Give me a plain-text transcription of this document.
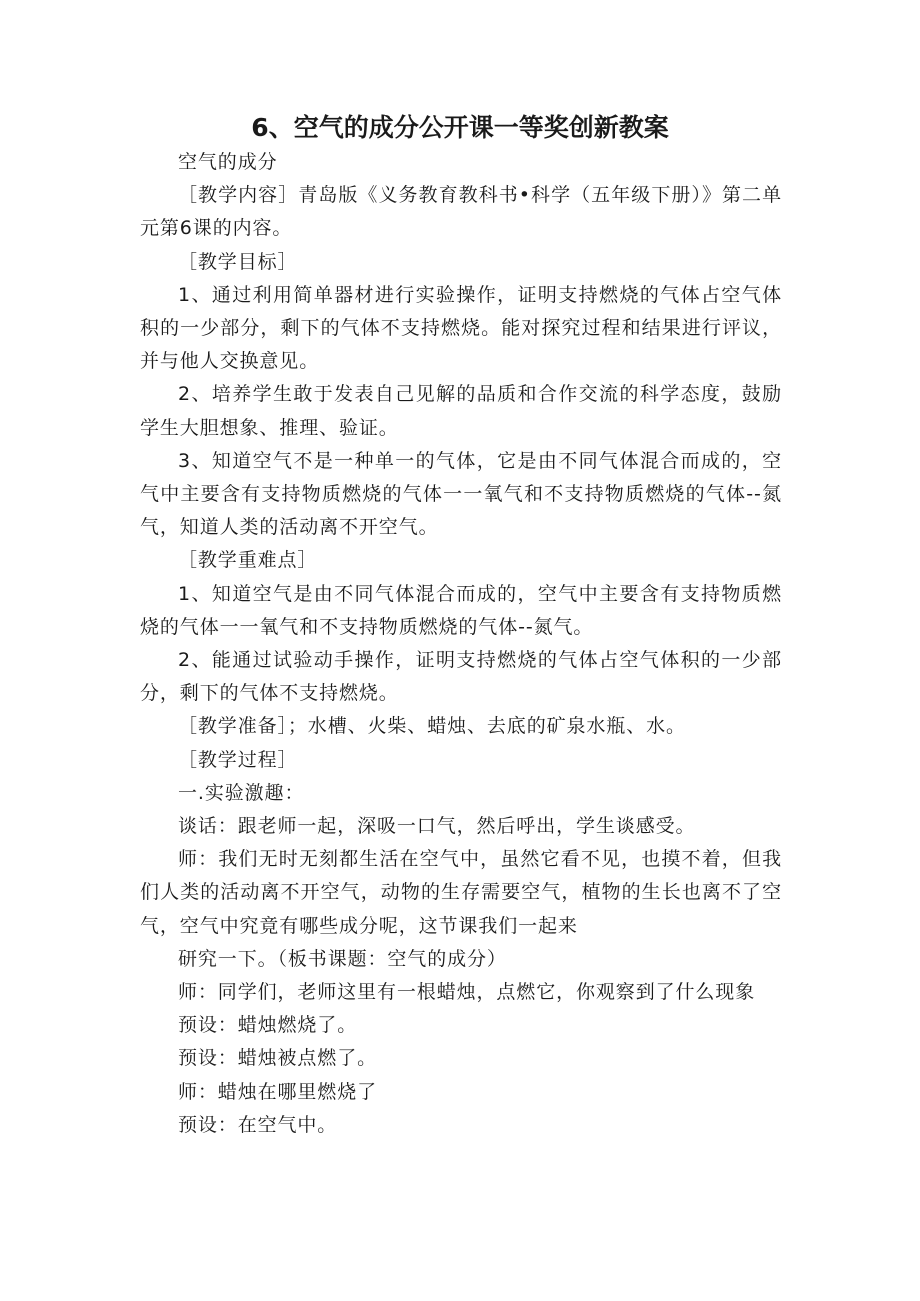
6、空气的成分公开课一等奖创新教案

空气的成分

［教学内容］青岛版《义务教育教科书•科学（五年级下册）》第二单元第6课的内容。

［教学目标］

1、通过利用简单器材进行实验操作，证明支持燃烧的气体占空气体积的一少部分，剩下的气体不支持燃烧。能对探究过程和结果进行评议，并与他人交换意见。

2、培养学生敢于发表自己见解的品质和合作交流的科学态度，鼓励学生大胆想象、推理、验证。

3、知道空气不是一种单一的气体，它是由不同气体混合而成的，空气中主要含有支持物质燃烧的气体一一氧气和不支持物质燃烧的气体--氮气，知道人类的活动离不开空气。

［教学重难点］

1、知道空气是由不同气体混合而成的，空气中主要含有支持物质燃烧的气体一一氧气和不支持物质燃烧的气体--氮气。

2、能通过试验动手操作，证明支持燃烧的气体占空气体积的一少部分，剩下的气体不支持燃烧。

［教学准备］；水槽、火柴、蜡烛、去底的矿泉水瓶、水。

［教学过程］

一.实验激趣：

谈话：跟老师一起，深吸一口气，然后呼出，学生谈感受。

师：我们无时无刻都生活在空气中，虽然它看不见，也摸不着，但我们人类的活动离不开空气，动物的生存需要空气，植物的生长也离不了空气，空气中究竟有哪些成分呢，这节课我们一起来

研究一下。（板书课题：空气的成分）

师：同学们，老师这里有一根蜡烛，点燃它，你观察到了什么现象

预设：蜡烛燃烧了。

预设：蜡烛被点燃了。

师：蜡烛在哪里燃烧了

预设：在空气中。
